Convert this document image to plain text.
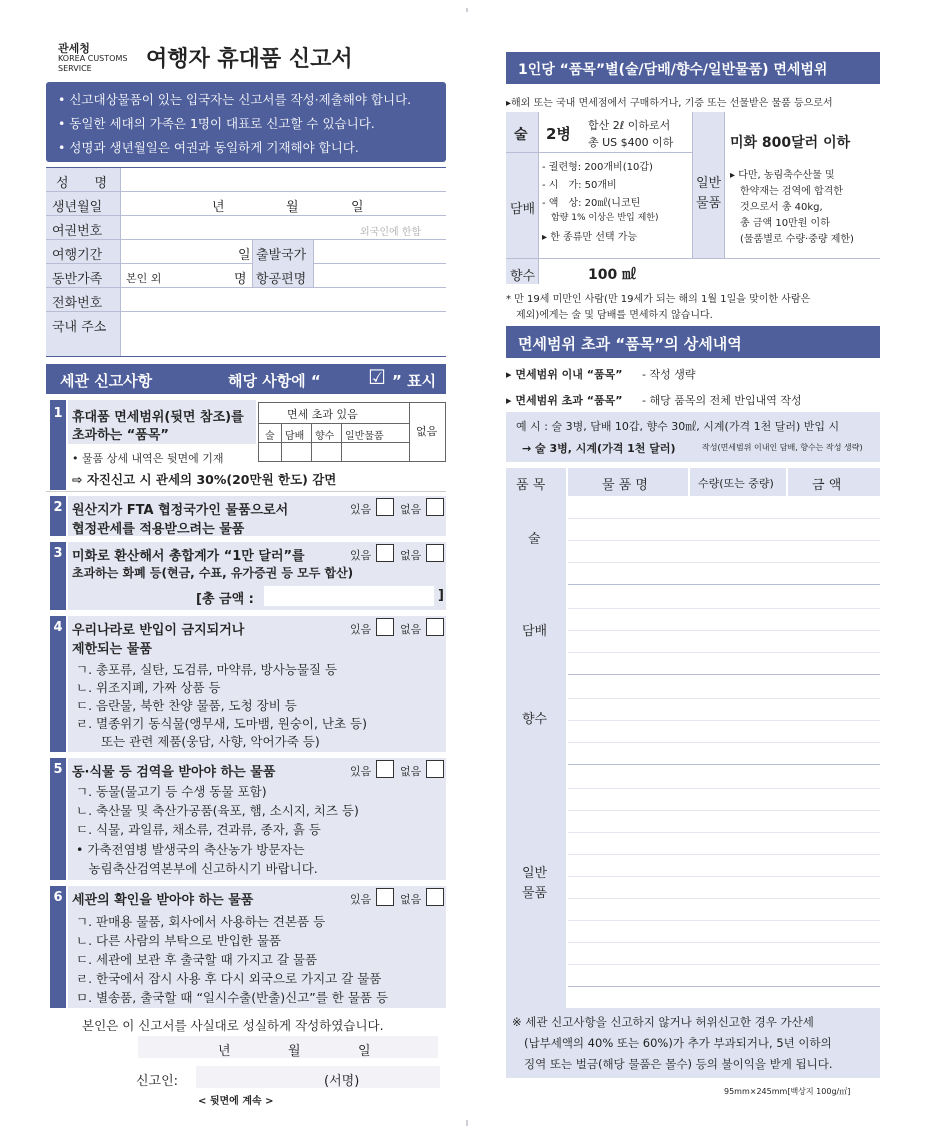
관세청
KOREA CUSTOMS
SERVICE 여행자 휴대품 신고서
• 신고대상물품이 있는 입국자는 신고서를 작성·제출해야 합니다.
• 동일한 세대의 가족은 1명이 대표로 신고할 수 있습니다.
• 성명과 생년월일은 여권과 동일하게 기재해야 합니다.
성　　명
생년월일	년	월	일
여권번호	외국인에 한함
여행기간	일 출발국가
동반가족 본인 외	명 항공편명
전화번호
국내 주소
세관 신고사항	해당 사항에 “ ☑ ” 표시
1 휴대품 면세범위(뒷면 참조)를
초과하는 “품목”
면세 초과 있음
술 담배 향수 일반물품	없음
• 물품 상세 내역은 뒷면에 기재
⇨ 자진신고 시 관세의 30%(20만원 한도) 감면
2 원산지가 FTA 협정국가인 물품으로서
협정관세를 적용받으려는 물품
있음	없음
3 미화로 환산해서 총합계가 “1만 달러”를
초과하는 화폐 등(현금, 수표, 유가증권 등 모두 합산)
있음	없음
[총 금액 :	]
4 우리나라로 반입이 금지되거나
제한되는 물품
있음	없음
ㄱ. 총포류, 실탄, 도검류, 마약류, 방사능물질 등
ㄴ. 위조지폐, 가짜 상품 등
ㄷ. 음란물, 북한 찬양 물품, 도청 장비 등
ㄹ. 멸종위기 동식물(앵무새, 도마뱀, 원숭이, 난초 등)
　　또는 관련 제품(웅담, 사향, 악어가죽 등)
5 동·식물 등 검역을 받아야 하는 물품	있음	없음
ㄱ. 동물(물고기 등 수생 동물 포함)
ㄴ. 축산물 및 축산가공품(육포, 햄, 소시지, 치즈 등)
ㄷ. 식물, 과일류, 채소류, 견과류, 종자, 흙 등
• 가축전염병 발생국의 축산농가 방문자는
　농림축산검역본부에 신고하시기 바랍니다.
6 세관의 확인을 받아야 하는 물품	있음	없음
ㄱ. 판매용 물품, 회사에서 사용하는 견본품 등
ㄴ. 다른 사람의 부탁으로 반입한 물품
ㄷ. 세관에 보관 후 출국할 때 가지고 갈 물품
ㄹ. 한국에서 잠시 사용 후 다시 외국으로 가지고 갈 물품
ㅁ. 별송품, 출국할 때 “일시수출(반출)신고”를 한 물품 등
본인은 이 신고서를 사실대로 성실하게 작성하였습니다.
년	월	일
신고인:	(서명)
< 뒷면에 계속 >
1인당 “품목”별(술/담배/향수/일반물품) 면세범위
▸해외 또는 국내 면세점에서 구매하거나, 기증 또는 선물받은 물품 등으로서
술 2병 합산 2ℓ 이하로서
총 US $400 이하
담배
- 궐련형: 200개비(10갑)
- 시　가: 50개비
- 액　상: 20㎖(니코틴
　함량 1% 이상은 반입 제한)
▸ 한 종류만 선택 가능
일반
물품
미화 800달러 이하
▸ 다만, 농림축수산물 및
　한약재는 검역에 합격한
　것으로서 총 40kg,
　총 금액 10만원 이하
　(물품별로 수량·중량 제한)
향수	100 ㎖
* 만 19세 미만인 사람(만 19세가 되는 해의 1월 1일을 맞이한 사람은
　제외)에게는 술 및 담배를 면세하지 않습니다.
면세범위 초과 “품목”의 상세내역
▸ 면세범위 이내 “품목” - 작성 생략
▸ 면세범위 초과 “품목” - 해당 품목의 전체 반입내역 작성
예 시 : 술 3병, 담배 10갑, 향수 30㎖, 시계(가격 1천 달러) 반입 시
→ 술 3병, 시계(가격 1천 달러)	작성(면세범위 이내인 담배, 향수는 작성 생략)
품 목	물 품 명	수량(또는 중량)	금 액
술
담배
향수
일반
물품
※ 세관 신고사항을 신고하지 않거나 허위신고한 경우 가산세
(납부세액의 40% 또는 60%)가 추가 부과되거나, 5년 이하의
징역 또는 벌금(해당 물품은 몰수) 등의 불이익을 받게 됩니다.
95mm×245mm[백상지 100g/㎡]
